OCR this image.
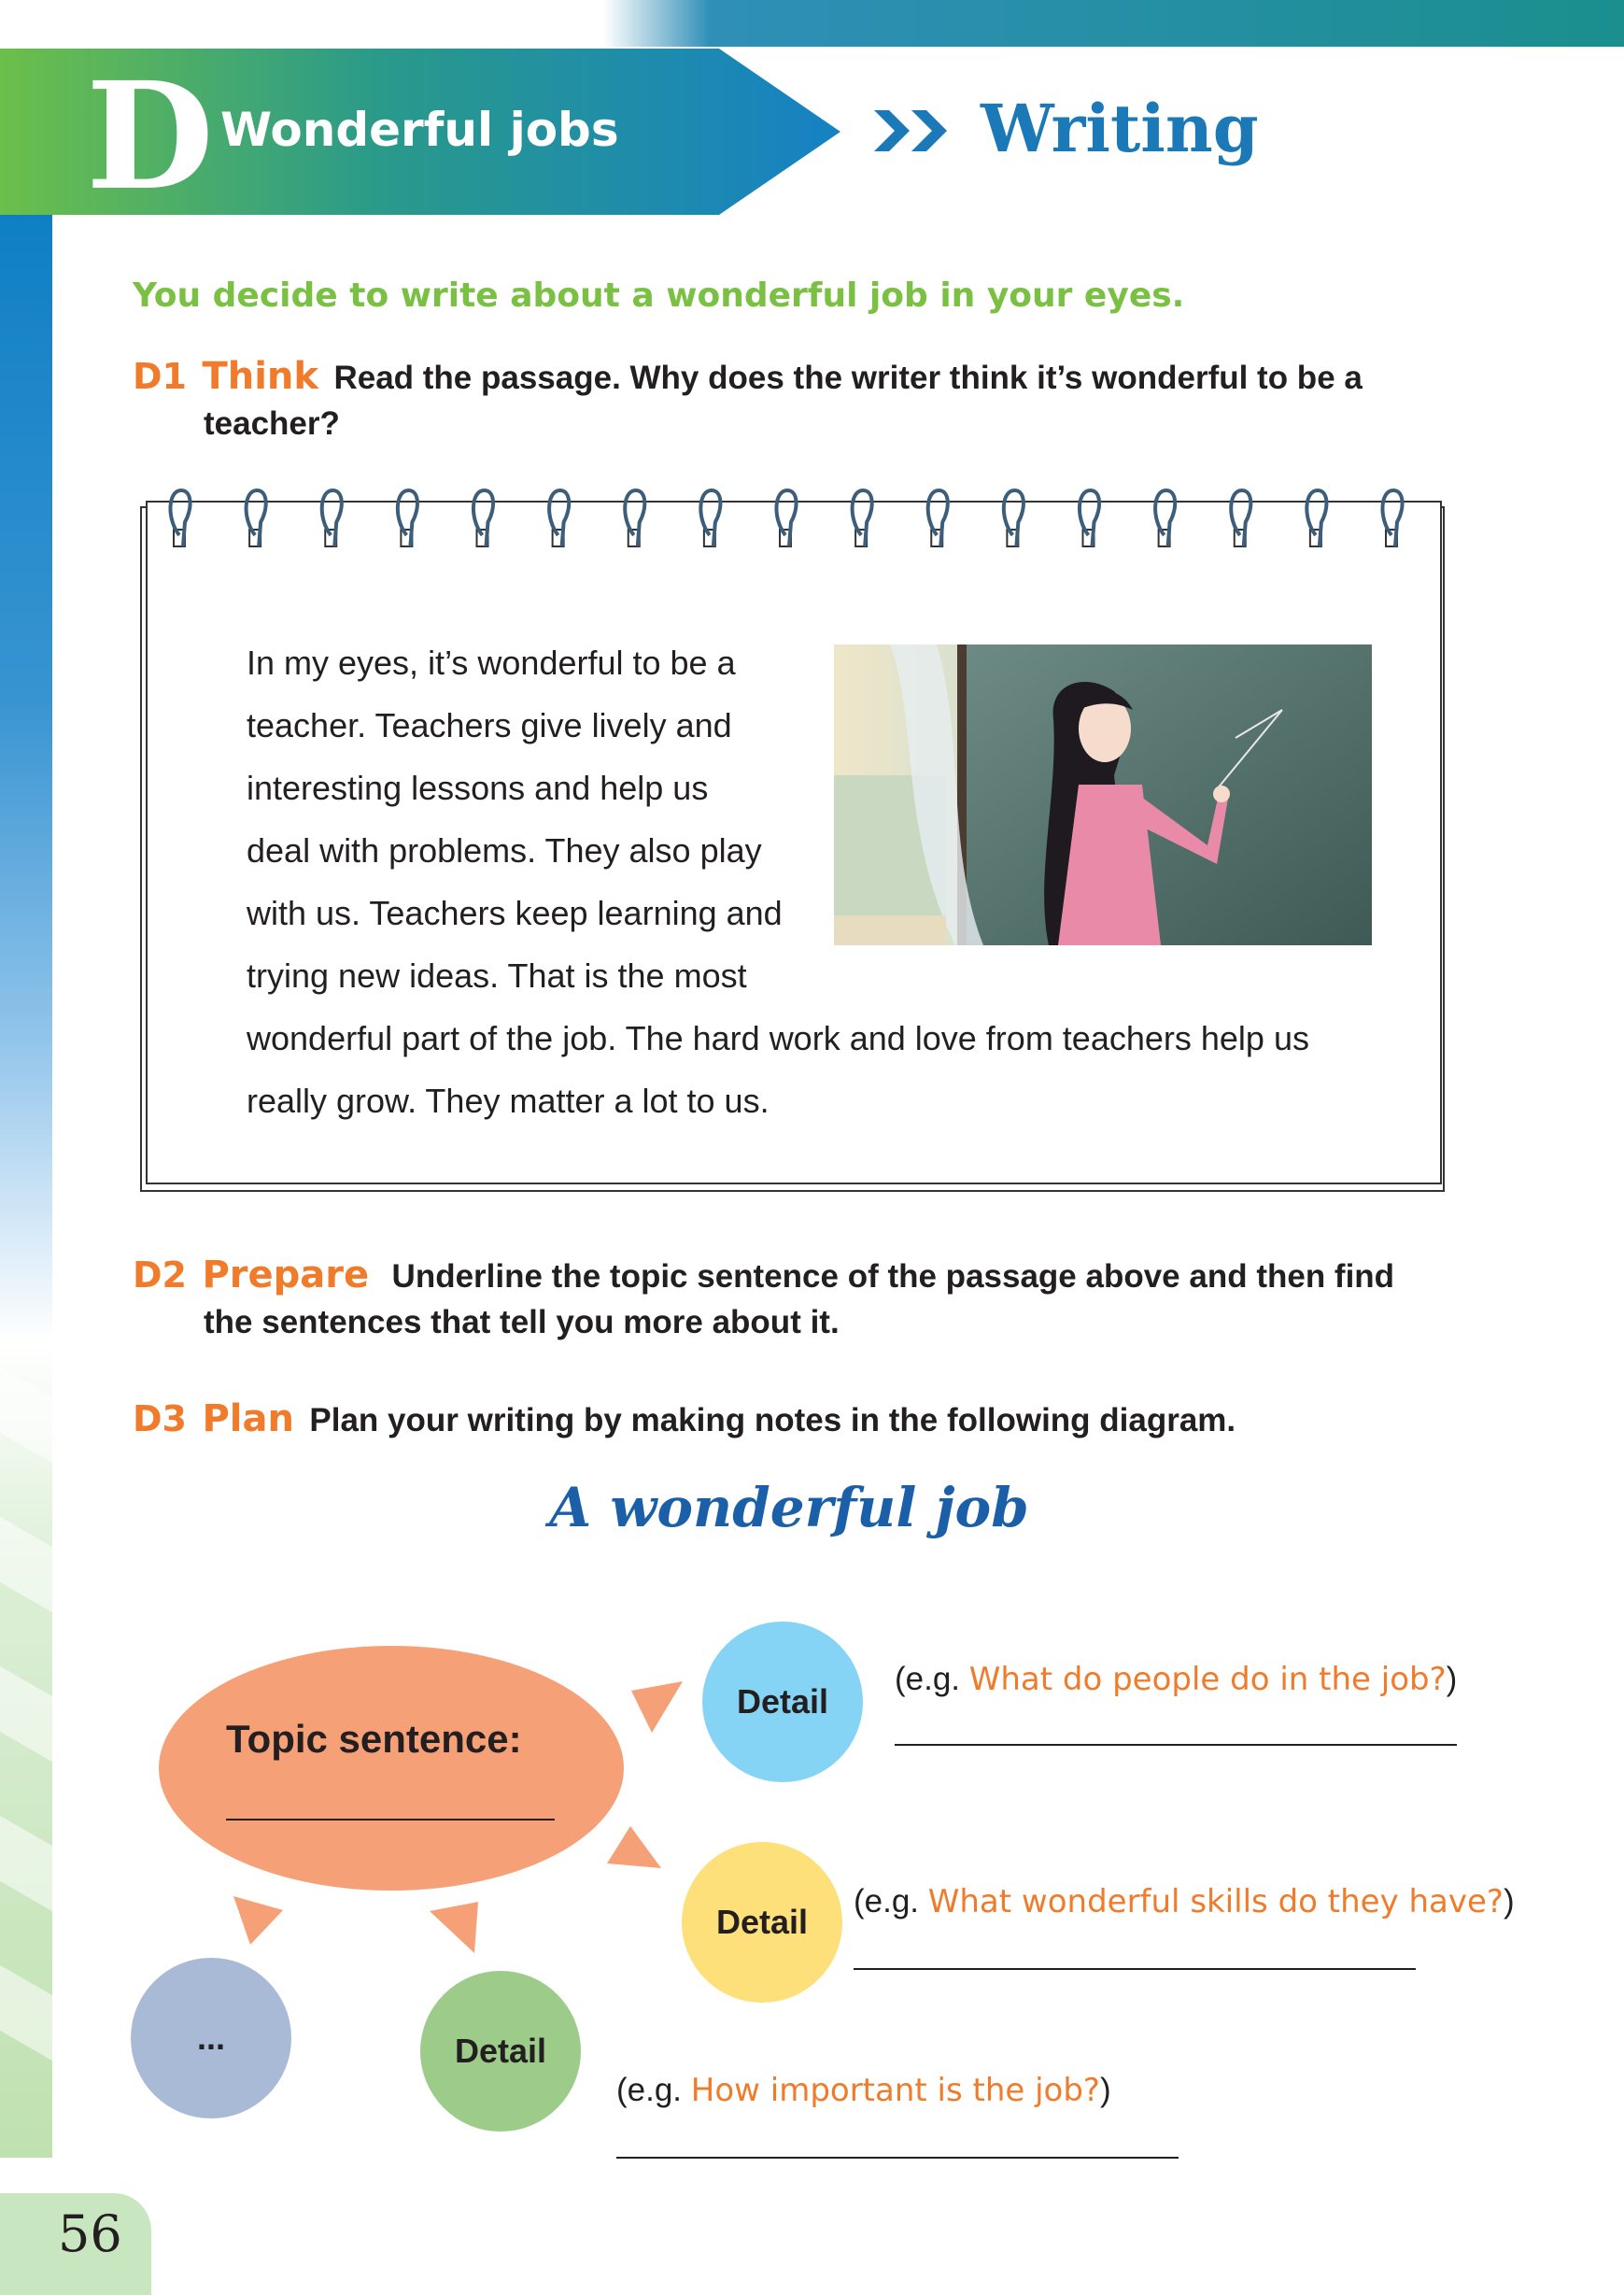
D Wonderful jobs	Writing
You decide to write about a wonderful job in your eyes.
D1 Think Read the passage. Why does the writer think it’s wonderful to be a
teacher?
In my eyes, it’s wonderful to be a
teacher. Teachers give lively and
interesting lessons and help us
deal with problems. They also play
with us. Teachers keep learning and
trying new ideas. That is the most
wonderful part of the job. The hard work and love from teachers help us
really grow. They matter a lot to us.
D2 Prepare Underline the topic sentence of the passage above and then find
the sentences that tell you more about it.
D3 Plan Plan your writing by making notes in the following diagram.
A wonderful job
Topic sentence:
Detail
Detail
Detail
...
(e.g. What do people do in the job?)
(e.g. What wonderful skills do they have?)
(e.g. How important is the job?)
56
